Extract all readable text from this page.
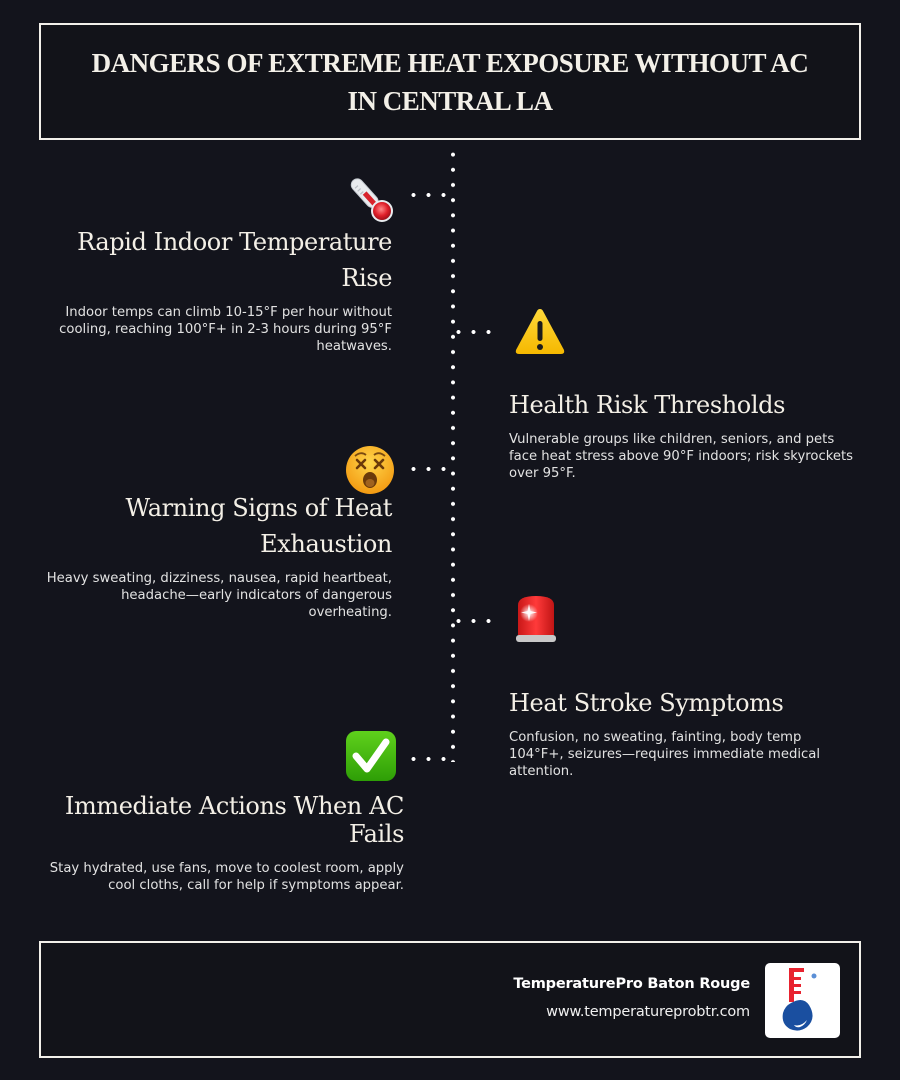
DANGERS OF EXTREME HEAT EXPOSURE WITHOUT AC IN CENTRAL LA
Rapid Indoor Temperature Rise
Indoor temps can climb 10-15°F per hour without cooling, reaching 100°F+ in 2-3 hours during 95°F heatwaves.
Health Risk Thresholds
Vulnerable groups like children, seniors, and pets face heat stress above 90°F indoors; risk skyrockets over 95°F.
Warning Signs of Heat Exhaustion
Heavy sweating, dizziness, nausea, rapid heartbeat, headache—early indicators of dangerous overheating.
Heat Stroke Symptoms
Confusion, no sweating, fainting, body temp 104°F+, seizures—requires immediate medical attention.
Immediate Actions When AC Fails
Stay hydrated, use fans, move to coolest room, apply cool cloths, call for help if symptoms appear.
TemperaturePro Baton Rouge
www.temperatureprobtr.com
